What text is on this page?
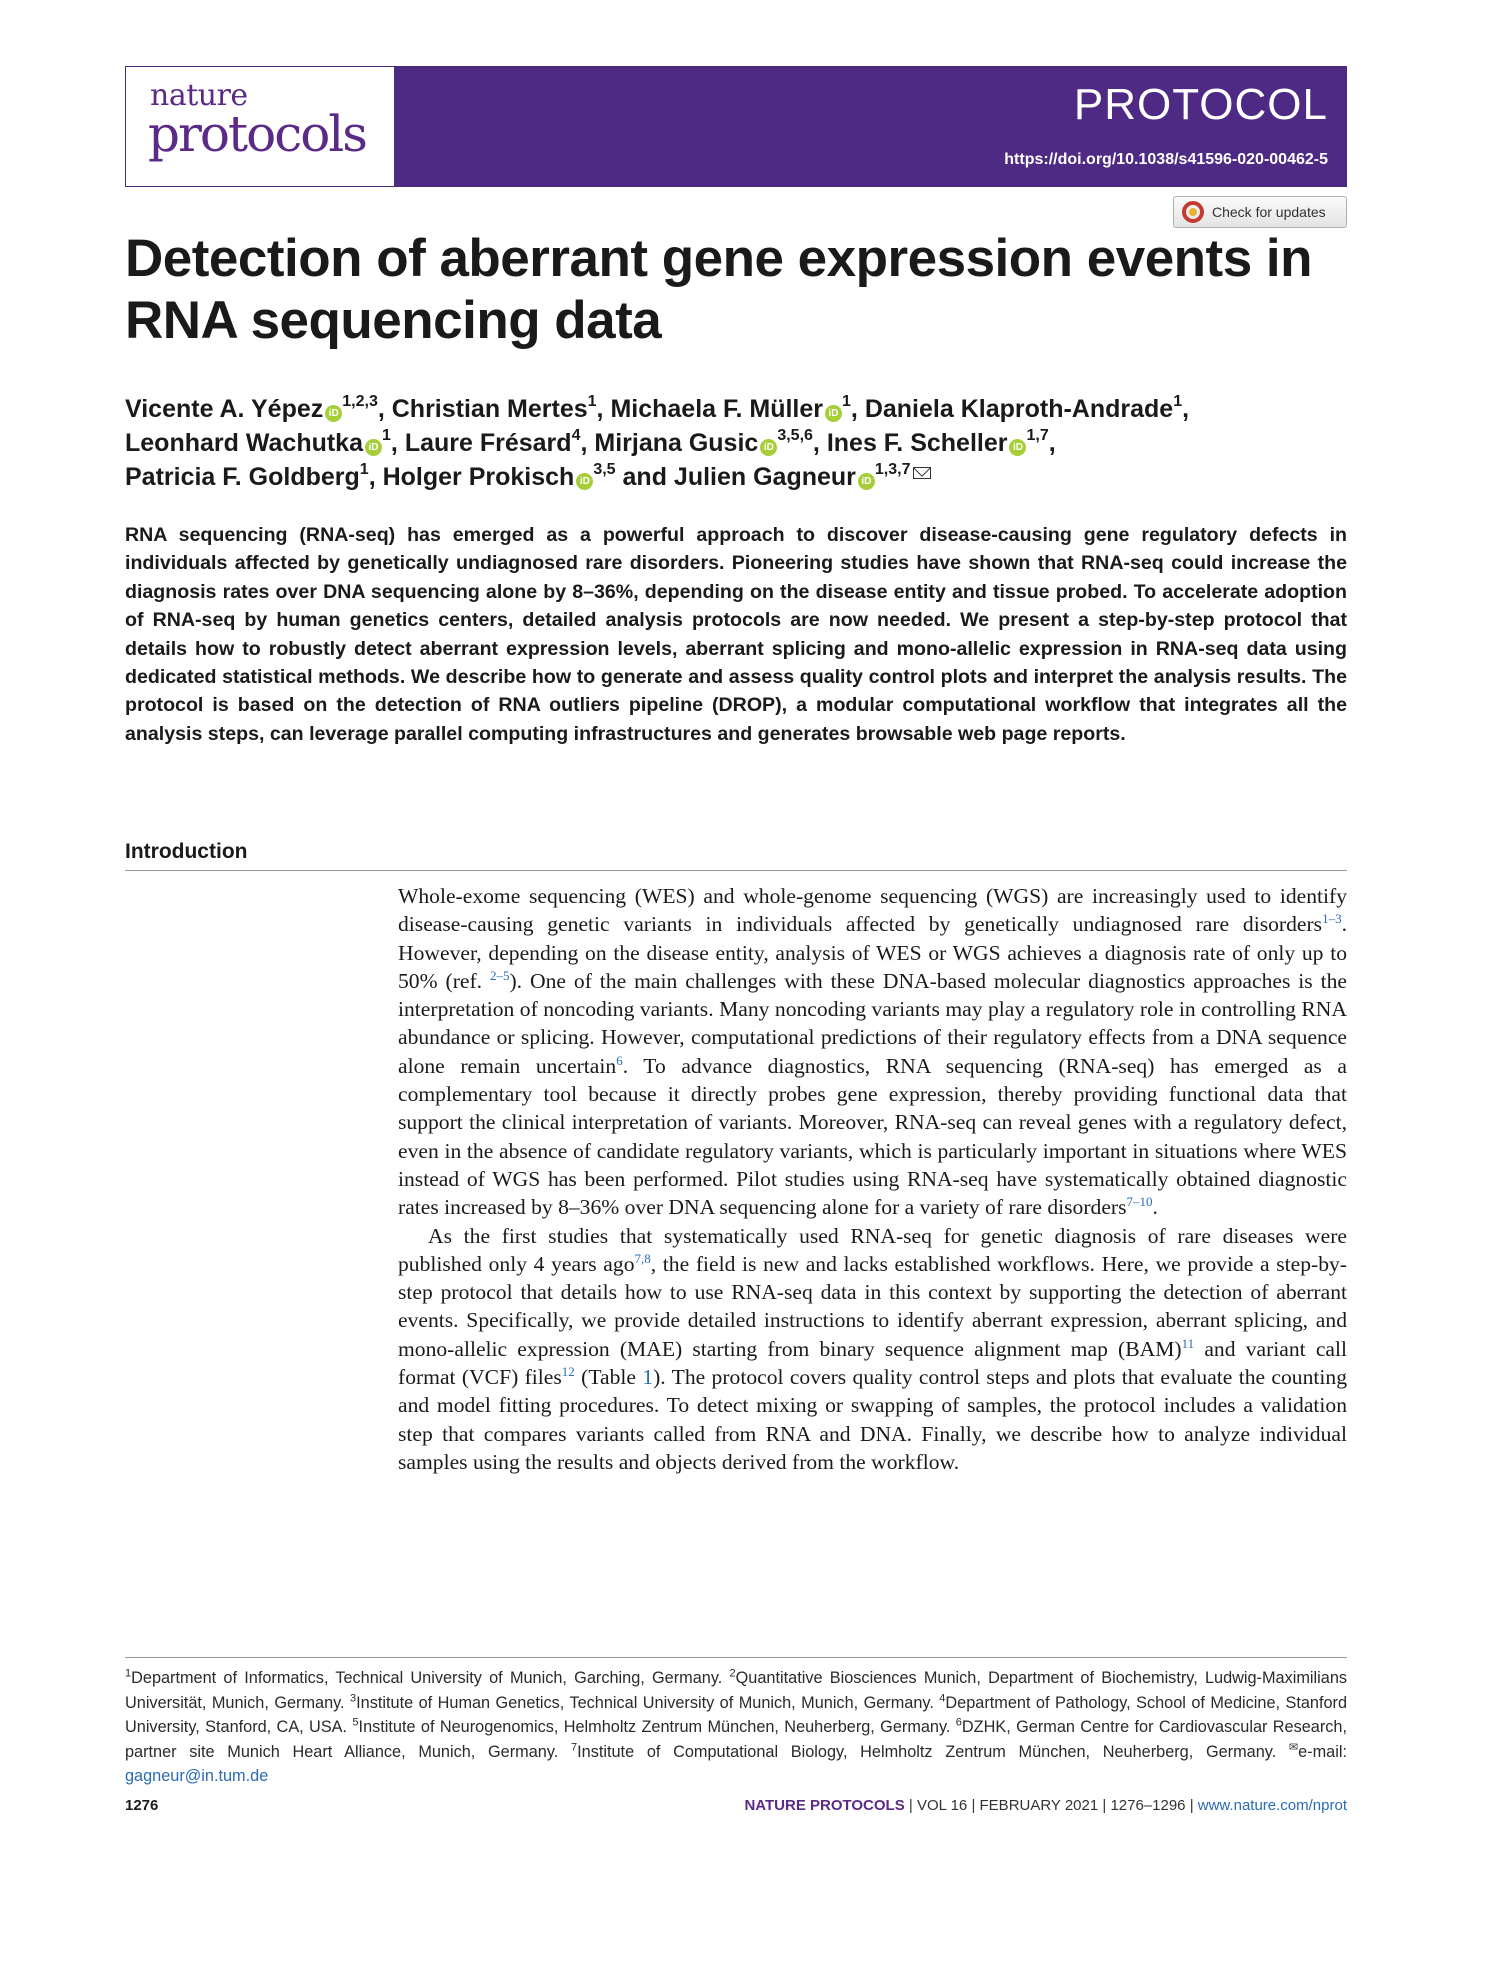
nature
protocols
PROTOCOL
https://doi.org/10.1038/s41596-020-00462-5
Check for updates
Detection of aberrant gene expression events in RNA sequencing data
Vicente A. Yépez iD$^{1,2,3}$, Christian Mertes$^1$, Michaela F. Müller $iD^1$, Daniela Klaproth-Andrade$^1$,
Leonhard Wachutka $iD^1$, Laure Frésard$^4$, Mirjana Gusic iD$^{3,5,6}$, Ines F. Scheller iD$^{1,7}$,
Patricia F. Goldberg$^1$, Holger Prokisch iD$^{3,5}$ and Julien Gagneur iD$^{1,3,7}$
RNA sequencing (RNA-seq) has emerged as a powerful approach to discover disease-causing gene regulatory defects in individuals affected by genetically undiagnosed rare disorders. Pioneering studies have shown that RNA-seq could increase the diagnosis rates over DNA sequencing alone by 8–36%, depending on the disease entity and tissue probed. To accelerate adoption of RNA-seq by human genetics centers, detailed analysis protocols are now needed. We present a step-by-step protocol that details how to robustly detect aberrant expression levels, aberrant splicing and mono-allelic expression in RNA-seq data using dedicated statistical methods. We describe how to generate and assess quality control plots and interpret the analysis results. The protocol is based on the detection of RNA outliers pipeline (DROP), a modular computational workflow that integrates all the analysis steps, can leverage parallel computing infrastructures and generates browsable web page reports.
Introduction

Whole-exome sequencing (WES) and whole-genome sequencing (WGS) are increasingly used to identify disease-causing genetic variants in individuals affected by genetically undiagnosed rare disorders$^{1-3}$. However, depending on the disease entity, analysis of WES or WGS achieves a diagnosis rate of only up to 50% (ref. $^{2-5}$). One of the main challenges with these DNA-based molecular diagnostics approaches is the interpretation of noncoding variants. Many noncoding variants may play a regulatory role in controlling RNA abundance or splicing. However, computational predictions of their regulatory effects from a DNA sequence alone remain uncertain$^6$. To advance diagnostics, RNA sequencing (RNA-seq) has emerged as a complementary tool because it directly probes gene expression, thereby providing functional data that support the clinical interpretation of variants. Moreover, RNA-seq can reveal genes with a regulatory defect, even in the absence of candidate regulatory variants, which is particularly important in situations where WES instead of WGS has been performed. Pilot studies using RNA-seq have systematically obtained diagnostic rates increased by 8–36% over DNA sequencing alone for a variety of rare disorders$^{7-10}$.

As the first studies that systematically used RNA-seq for genetic diagnosis of rare diseases were published only 4 years ago$^{7,8}$, the field is new and lacks established workflows. Here, we provide a step-by-step protocol that details how to use RNA-seq data in this context by supporting the detection of aberrant events. Specifically, we provide detailed instructions to identify aberrant expression, aberrant splicing, and mono-allelic expression (MAE) starting from binary sequence alignment map (BAM)$^{11}$ and variant call format (VCF) files$^{12}$ (Table 1). The protocol covers quality control steps and plots that evaluate the counting and model fitting procedures. To detect mixing or swapping of samples, the protocol includes a validation step that compares variants called from RNA and DNA. Finally, we describe how to analyze individual samples using the results and objects derived from the workflow.

$^1$Department of Informatics, Technical University of Munich, Garching, Germany. $^2$Quantitative Biosciences Munich, Department of Biochemistry, Ludwig-Maximilians Universität, Munich, Germany. $^3$Institute of Human Genetics, Technical University of Munich, Munich, Germany. $^4$Department of Pathology, School of Medicine, Stanford University, Stanford, CA, USA. $^5$Institute of Neurogenomics, Helmholtz Zentrum München, Neuherberg, Germany. $^6$DZHK, German Centre for Cardiovascular Research, partner site Munich Heart Alliance, Munich, Germany. $^7$Institute of Computational Biology, Helmholtz Zentrum München, Neuherberg, Germany. ✉e-mail: gagneur@in.tum.de
1276	NATURE PROTOCOLS | VOL 16 | FEBRUARY 2021 | 1276–1296 | www.nature.com/nprot
